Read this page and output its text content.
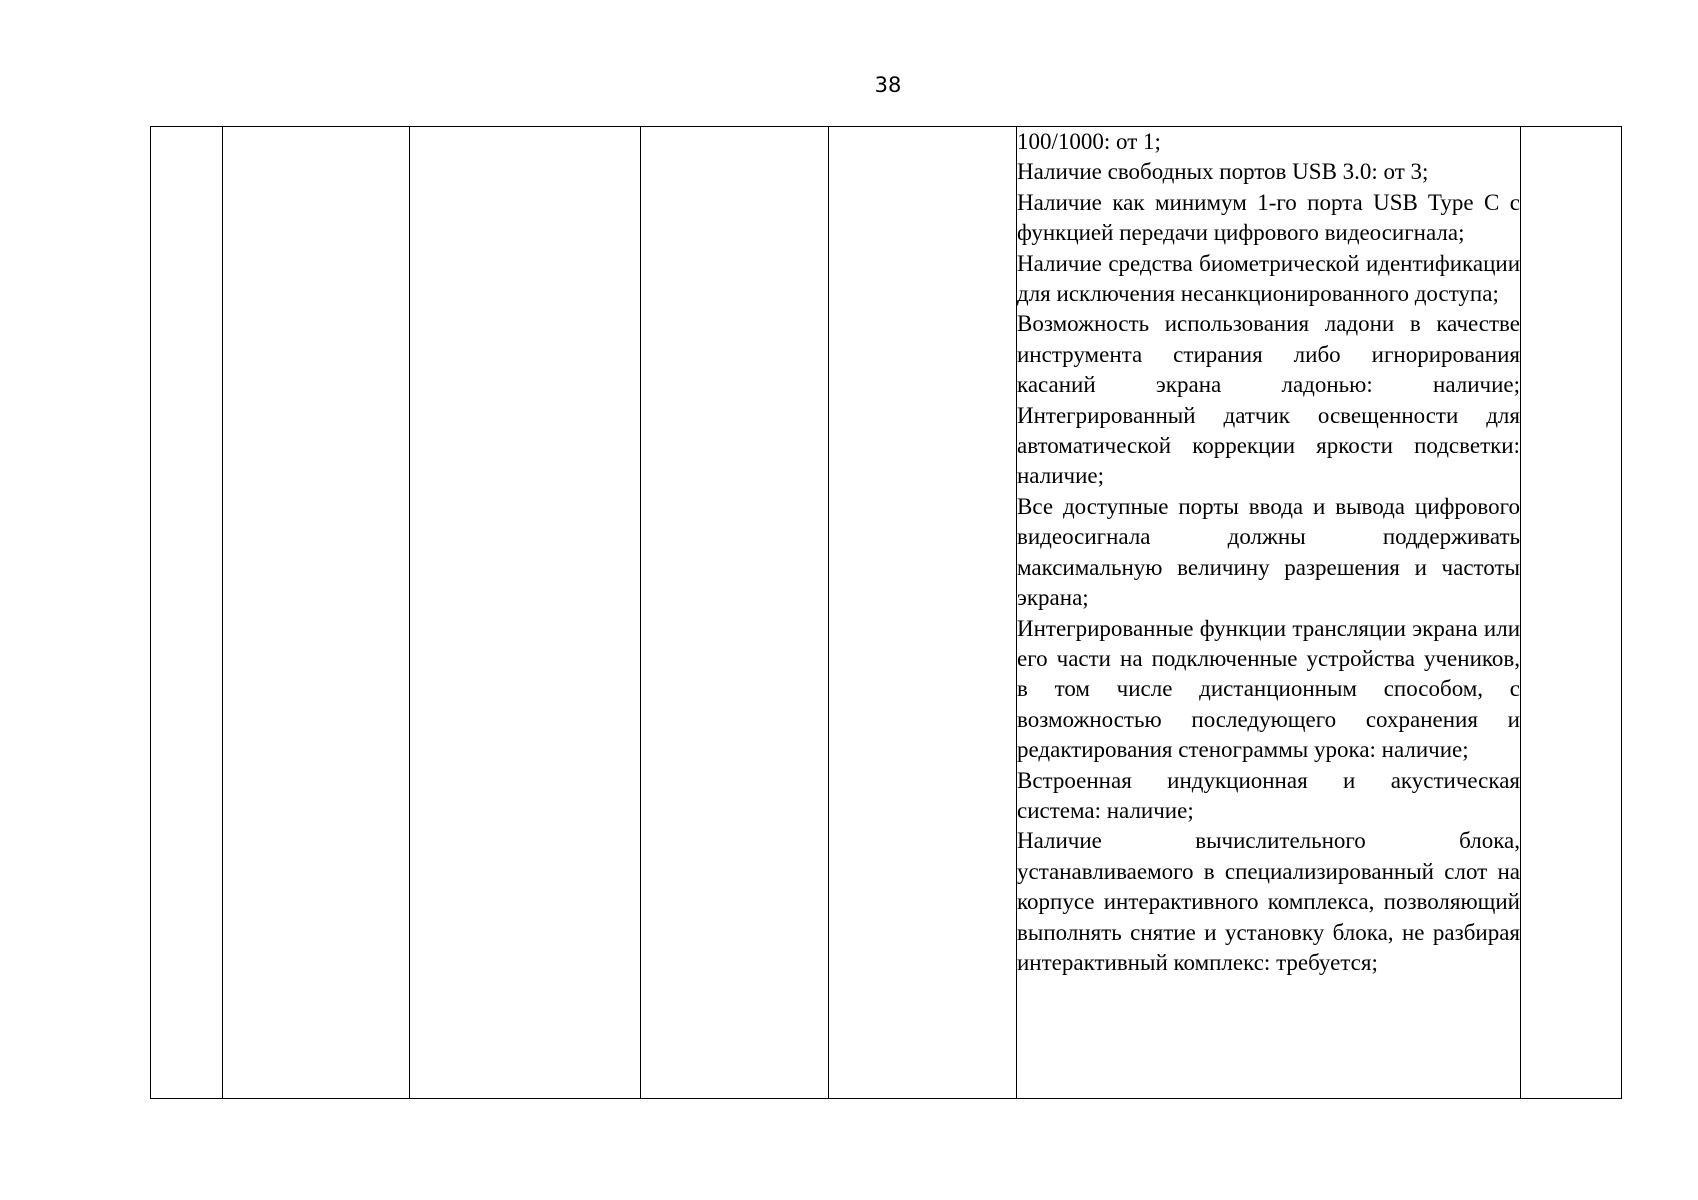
38

100/1000: от 1;

Наличие свободных портов USB 3.0: от 3;

Наличие как минимум 1-го порта USB Type C с функцией передачи цифрового видеосигнала;

Наличие средства биометрической идентификации для исключения несанкционированного доступа;

Возможность использования ладони в качестве инструмента стирания либо игнорирования касаний экрана ладонью: наличие; Интегрированный датчик освещенности для автоматической коррекции яркости подсветки: наличие;

Все доступные порты ввода и вывода цифрового видеосигнала должны поддерживать максимальную величину разрешения и частоты экрана;

Интегрированные функции трансляции экрана или его части на подключенные устройства учеников, в том числе дистанционным способом, с возможностью последующего сохранения и редактирования стенограммы урока: наличие;

Встроенная индукционная и акустическая система: наличие;

Наличие вычислительного блока, устанавливаемого в специализированный слот на корпусе интерактивного комплекса, позволяющий выполнять снятие и установку блока, не разбирая интерактивный комплекс: требуется;
